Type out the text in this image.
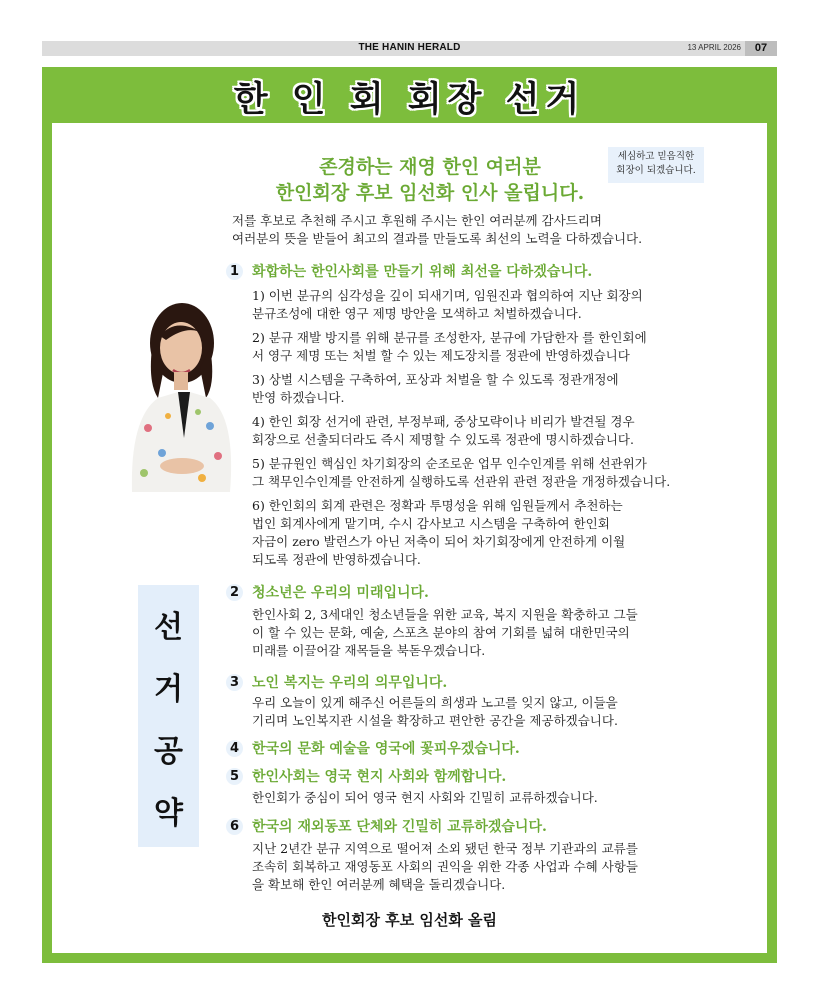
THE HANIN HERALD	13 APRIL 2026	07
한 인 회 회장 선거
존경하는 재영 한인 여러분
한인회장 후보 임선화 인사 올립니다.
세심하고 믿음직한
회장이 되겠습니다.
저를 후보로 추천해 주시고 후원해 주시는 한인 여러분께 감사드리며
여러분의 뜻을 받들어 최고의 결과를 만들도록 최선의 노력을 다하겠습니다.
1 화합하는 한인사회를 만들기 위해 최선을 다하겠습니다.
1) 이번 분규의 심각성을 깊이 되새기며, 임원진과 협의하여 지난 회장의
분규조성에 대한 영구 제명 방안을 모색하고 처벌하겠습니다.
2) 분규 재발 방지를 위해 분규를 조성한자, 분규에 가담한자 를 한인회에
서 영구 제명 또는 처벌 할 수 있는 제도장치를 정관에 반영하겠습니다
3) 상벌 시스템을 구축하여, 포상과 처벌을 할 수 있도록 정관개정에
반영 하겠습니다.
4) 한인 회장 선거에 관련, 부정부패, 중상모략이나 비리가 발견될 경우
회장으로 선출되더라도 즉시 제명할 수 있도록 정관에 명시하겠습니다.
5) 분규원인 핵심인 차기회장의 순조로운 업무 인수인계를 위해 선관위가
그 책무인수인계를 안전하게 실행하도록 선관위 관련 정관을 개정하겠습니다.
6) 한인회의 회계 관련은 정확과 투명성을 위해 임원들께서 추천하는
법인 회계사에게 맡기며, 수시 감사보고 시스템을 구축하여 한인회
자금이 zero 발런스가 아닌 저축이 되어 차기회장에게 안전하게 이월
되도록 정관에 반영하겠습니다.
2 청소년은 우리의 미래입니다.
한인사회 2, 3세대인 청소년들을 위한 교육, 복지 지원을 확충하고 그들
이 할 수 있는 문화, 예술, 스포츠 분야의 참여 기회를 넓혀 대한민국의
미래를 이끌어갈 재목들을 북돋우겠습니다.
3 노인 복지는 우리의 의무입니다.
우리 오늘이 있게 해주신 어른들의 희생과 노고를 잊지 않고, 이들을
기리며 노인복지관 시설을 확장하고 편안한 공간을 제공하겠습니다.
4 한국의 문화 예술을 영국에 꽃피우겠습니다.
5 한인사회는 영국 현지 사회와 함께합니다.
한인회가 중심이 되어 영국 현지 사회와 긴밀히 교류하겠습니다.
6 한국의 재외동포 단체와 긴밀히 교류하겠습니다.
지난 2년간 분규 지역으로 떨어져 소외 됐던 한국 정부 기관과의 교류를
조속히 회복하고 재영동포 사회의 권익을 위한 각종 사업과 수혜 사항들
을 확보해 한인 여러분께 혜택을 돌리겠습니다.
선
거
공
약
한인회장 후보 임선화 올림
